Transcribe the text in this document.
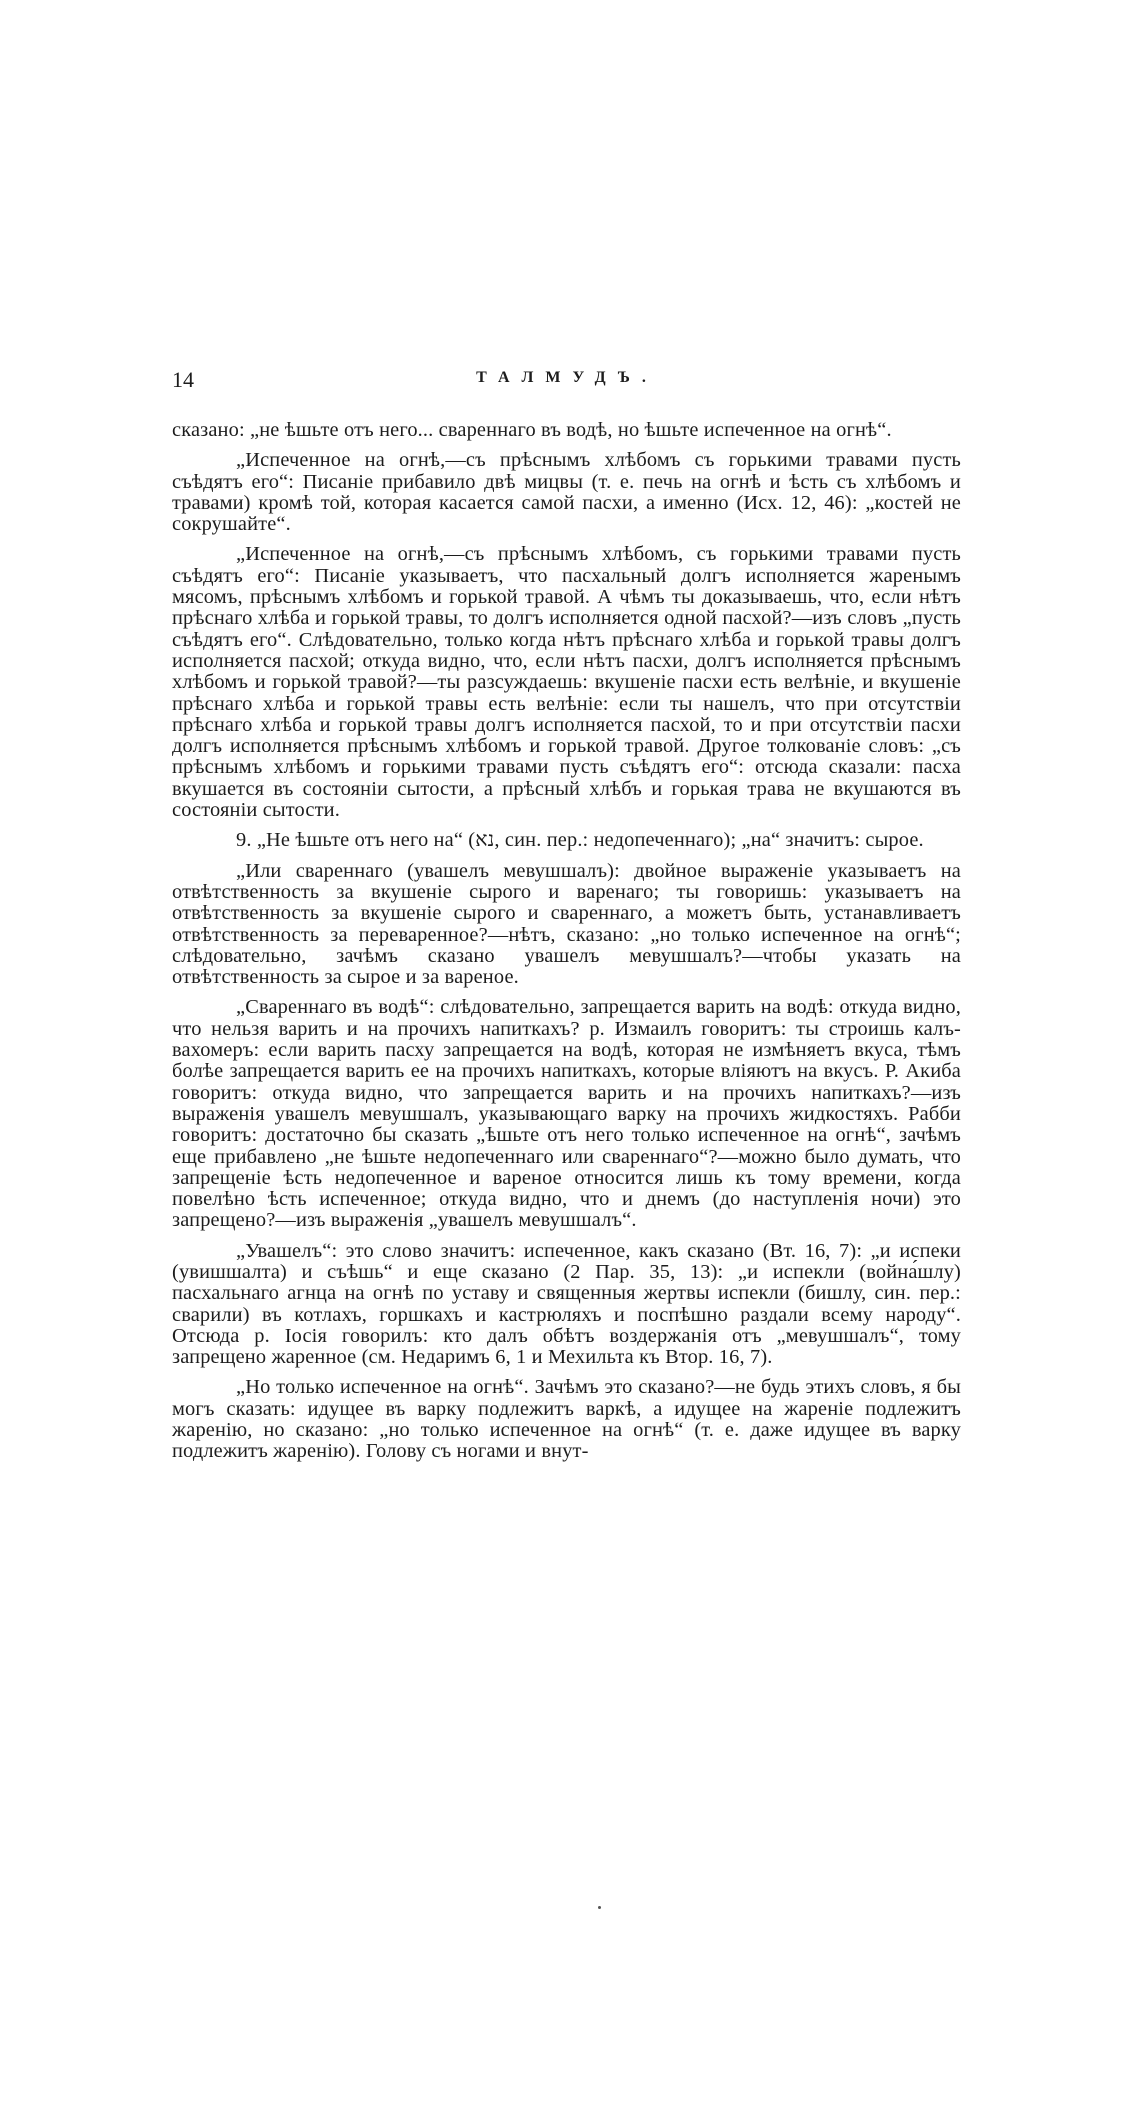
14	ТАЛМУДЪ.

сказано: „не ѣшьте отъ него... свареннаго въ водѣ, но ѣшьте испеченное на огнѣ“.

„Испеченное на огнѣ,—съ прѣснымъ хлѣбомъ съ горькими травами пусть съѣдятъ его“: Писаніе прибавило двѣ мицвы (т. е. печь на огнѣ и ѣсть съ хлѣбомъ и травами) кромѣ той, которая касается самой пасхи, а именно (Исх. 12, 46): „костей не сокрушайте“.

„Испеченное на огнѣ,—съ прѣснымъ хлѣбомъ, съ горькими травами пусть съѣдятъ его“: Писаніе указываетъ, что пасхальный долгъ исполняется жаренымъ мясомъ, прѣснымъ хлѣбомъ и горькой травой. А чѣмъ ты доказываешь, что, если нѣтъ прѣснаго хлѣба и горькой травы, то долгъ исполняется одной пасхой?—изъ словъ „пусть съѣдятъ его“. Слѣдовательно, только когда нѣтъ прѣснаго хлѣба и горькой травы долгъ исполняется пасхой; откуда видно, что, если нѣтъ пасхи, долгъ исполняется прѣснымъ хлѣбомъ и горькой травой?—ты разсуждаешь: вкушеніе пасхи есть велѣніе, и вкушеніе прѣснаго хлѣба и горькой травы есть велѣніе: если ты нашелъ, что при отсутствіи прѣснаго хлѣба и горькой травы долгъ исполняется пасхой, то и при отсутствіи пасхи долгъ исполняется прѣснымъ хлѣбомъ и горькой травой. Другое толкованіе словъ: „съ прѣснымъ хлѣбомъ и горькими травами пусть съѣдятъ его“: отсюда сказали: пасха вкушается въ состояніи сытости, а прѣсный хлѣбъ и горькая трава не вкушаются въ состояніи сытости.

9. „Не ѣшьте отъ него на“ (נא, син. пер.: недопеченнаго); „на“ значитъ: сырое.

„Или свареннаго (увашелъ мевушшалъ): двойное выраженіе указываетъ на отвѣтственность за вкушеніе сырого и варенаго; ты говоришь: указываетъ на отвѣтственность за вкушеніе сырого и свареннаго, а можетъ быть, устанавливаетъ отвѣтственность за переваренное?—нѣтъ, сказано: „но только испеченное на огнѣ“; слѣдовательно, зачѣмъ сказано увашелъ мевушшалъ?—чтобы указать на отвѣтственность за сырое и за вареное.

„Свареннаго въ водѣ“: слѣдовательно, запрещается варить на водѣ: откуда видно, что нельзя варить и на прочихъ напиткахъ? р. Измаилъ говоритъ: ты строишь калъ-вахомеръ: если варить пасху запрещается на водѣ, которая не измѣняетъ вкуса, тѣмъ болѣе запрещается варить ее на прочихъ напиткахъ, которые вліяютъ на вкусъ. Р. Акиба говоритъ: откуда видно, что запрещается варить и на прочихъ напиткахъ?—изъ выраженія увашелъ мевушшалъ, указывающаго варку на прочихъ жидкостяхъ. Рабби говоритъ: достаточно бы сказать „ѣшьте отъ него только испеченное на огнѣ“, зачѣмъ еще прибавлено „не ѣшьте недопеченнаго или свареннаго“?—можно было думать, что запрещеніе ѣсть недопеченное и вареное относится лишь къ тому времени, когда повелѣно ѣсть испеченное; откуда видно, что и днемъ (до наступленія ночи) это запрещено?—изъ выраженія „увашелъ мевушшалъ“.

„Увашелъ“: это слово значитъ: испеченное, какъ сказано (Вт. 16, 7): „и испеки (увишшалта) и съѣшь“ и еще сказано (2 Пар. 35, 13): „и испекли (война́шлу) пасхальнаго агнца на огнѣ по уставу и священныя жертвы испекли (бишлу, син. пер.: сварили) въ котлахъ, горшкахъ и кастрюляхъ и поспѣшно раздали всему народу“. Отсюда р. Іосія говорилъ: кто далъ обѣтъ воздержанія отъ „мевушшалъ“, тому запрещено жаренное (см. Недаримъ 6, 1 и Мехильта къ Втор. 16, 7).

„Но только испеченное на огнѣ“. Зачѣмъ это сказано?—не будь этихъ словъ, я бы могъ сказать: идущее въ варку подлежитъ варкѣ, а идущее на жареніе подлежитъ жаренію, но сказано: „но только испеченное на огнѣ“ (т. е. даже идущее въ варку подлежитъ жаренію). Голову съ ногами и внут-
